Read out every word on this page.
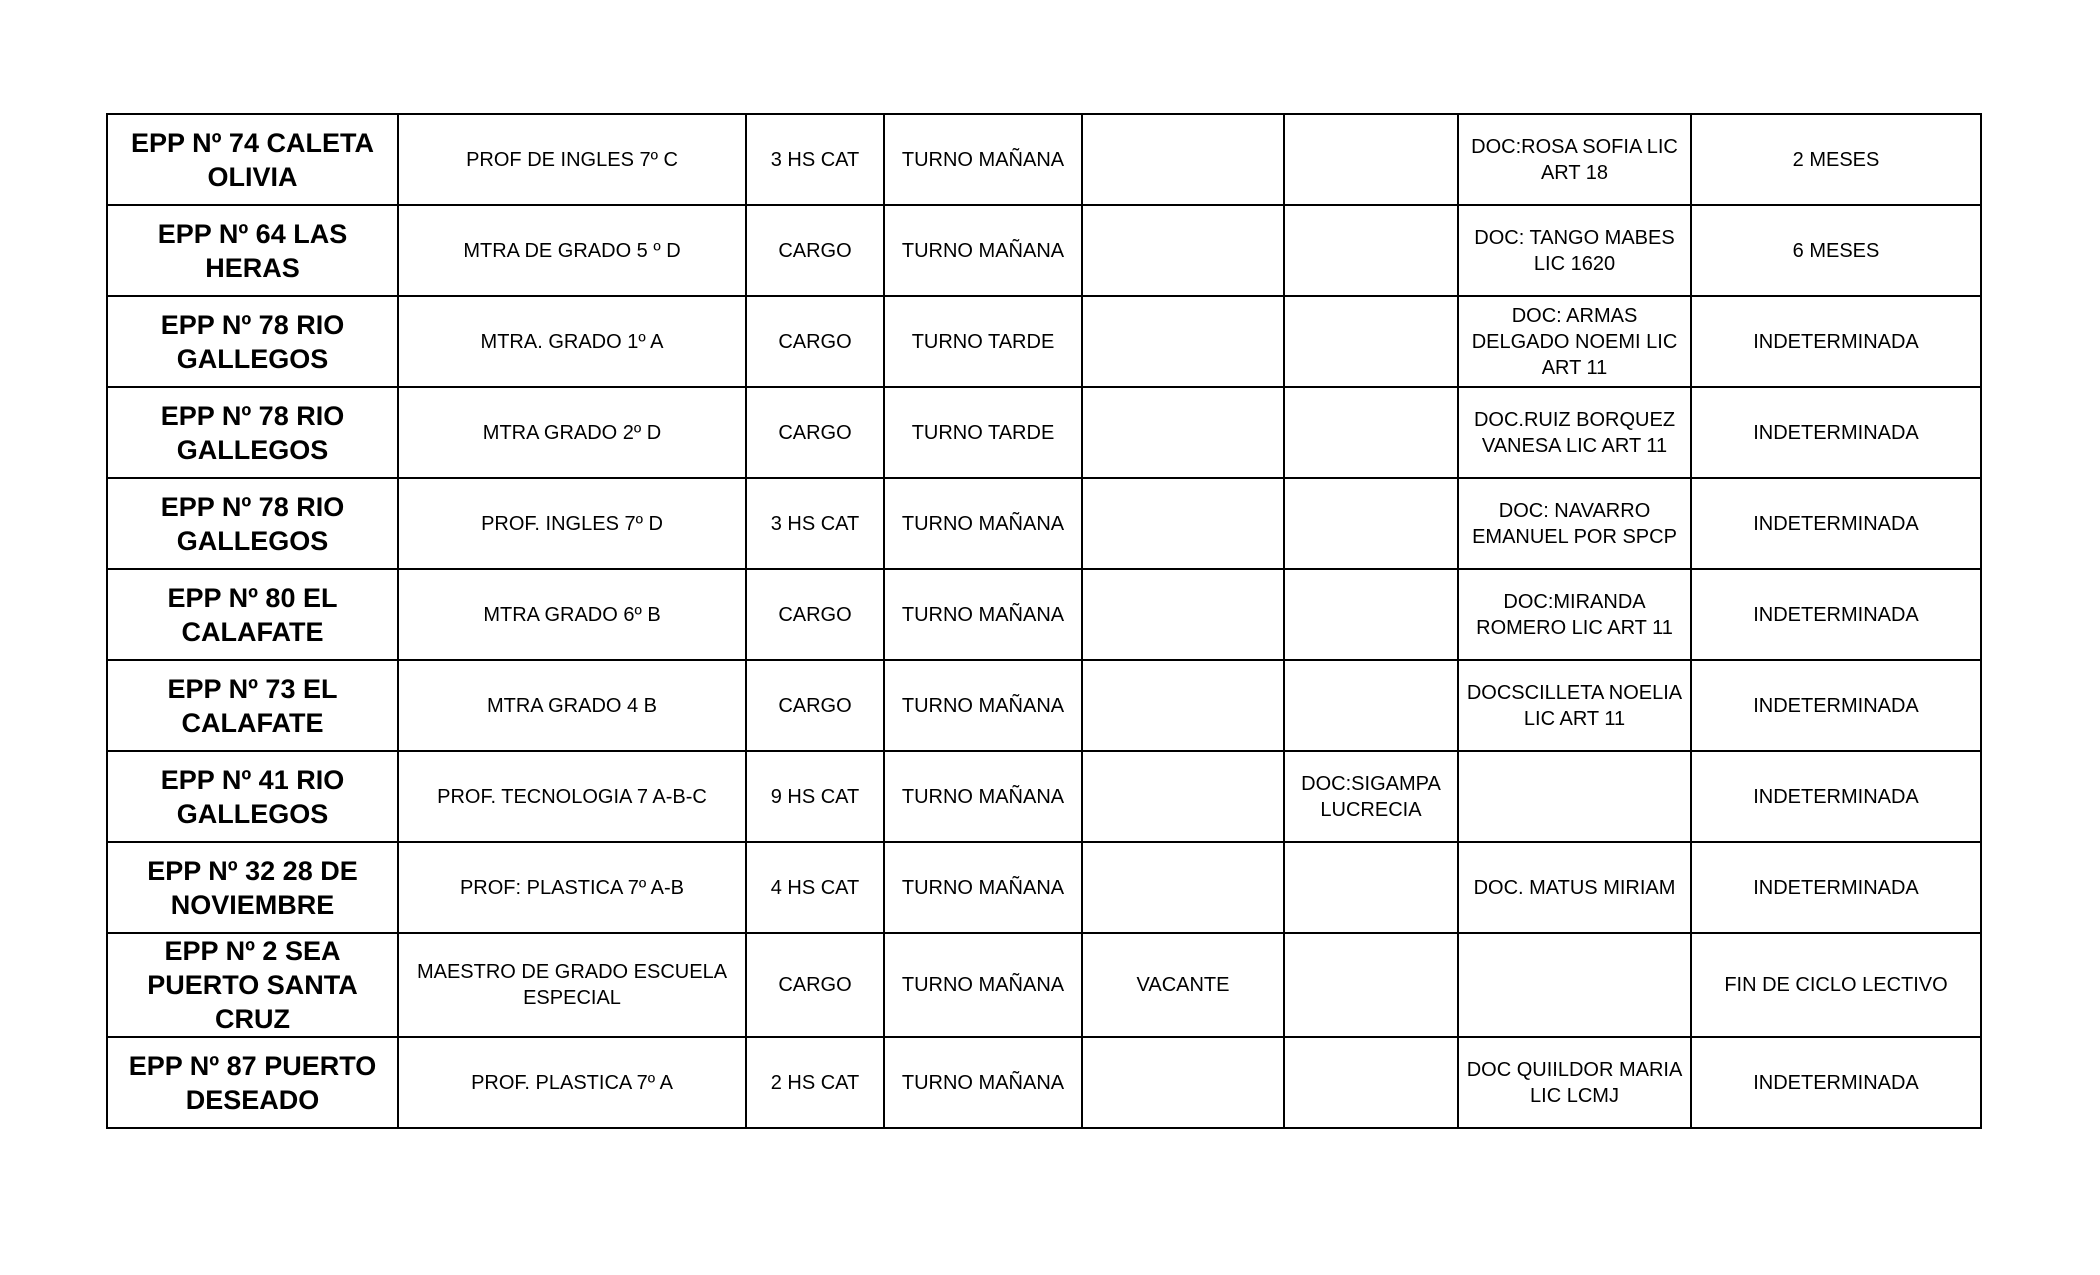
EPP Nº 74 CALETA OLIVIA	PROF DE INGLES 7º C	3 HS CAT	TURNO MAÑANA			DOC:ROSA SOFIA LIC ART 18	2 MESES
EPP Nº 64 LAS HERAS	MTRA DE GRADO 5 º D	CARGO	TURNO MAÑANA			DOC: TANGO MABES LIC 1620	6 MESES
EPP Nº 78 RIO GALLEGOS	MTRA. GRADO 1º A	CARGO	TURNO TARDE			DOC: ARMAS DELGADO NOEMI LIC ART 11	INDETERMINADA
EPP Nº 78 RIO GALLEGOS	MTRA GRADO 2º D	CARGO	TURNO TARDE			DOC.RUIZ BORQUEZ VANESA LIC ART 11	INDETERMINADA
EPP Nº 78 RIO GALLEGOS	PROF. INGLES 7º D	3 HS CAT	TURNO MAÑANA			DOC: NAVARRO EMANUEL POR SPCP	INDETERMINADA
EPP Nº 80 EL CALAFATE	MTRA GRADO 6º B	CARGO	TURNO MAÑANA			DOC:MIRANDA ROMERO LIC ART 11	INDETERMINADA
EPP Nº 73 EL CALAFATE	MTRA GRADO 4 B	CARGO	TURNO MAÑANA			DOCSCILLETA NOELIA LIC ART 11	INDETERMINADA
EPP Nº 41 RIO GALLEGOS	PROF. TECNOLOGIA 7 A-B-C	9 HS CAT	TURNO MAÑANA		DOC:SIGAMPA LUCRECIA		INDETERMINADA
EPP Nº 32 28 DE NOVIEMBRE	PROF: PLASTICA 7º A-B	4 HS CAT	TURNO MAÑANA			DOC. MATUS MIRIAM	INDETERMINADA
EPP Nº 2 SEA PUERTO SANTA CRUZ	MAESTRO DE GRADO ESCUELA ESPECIAL	CARGO	TURNO MAÑANA	VACANTE			FIN DE CICLO LECTIVO
EPP Nº 87 PUERTO DESEADO	PROF. PLASTICA 7º A	2 HS CAT	TURNO MAÑANA			DOC QUIILDOR MARIA LIC LCMJ	INDETERMINADA
